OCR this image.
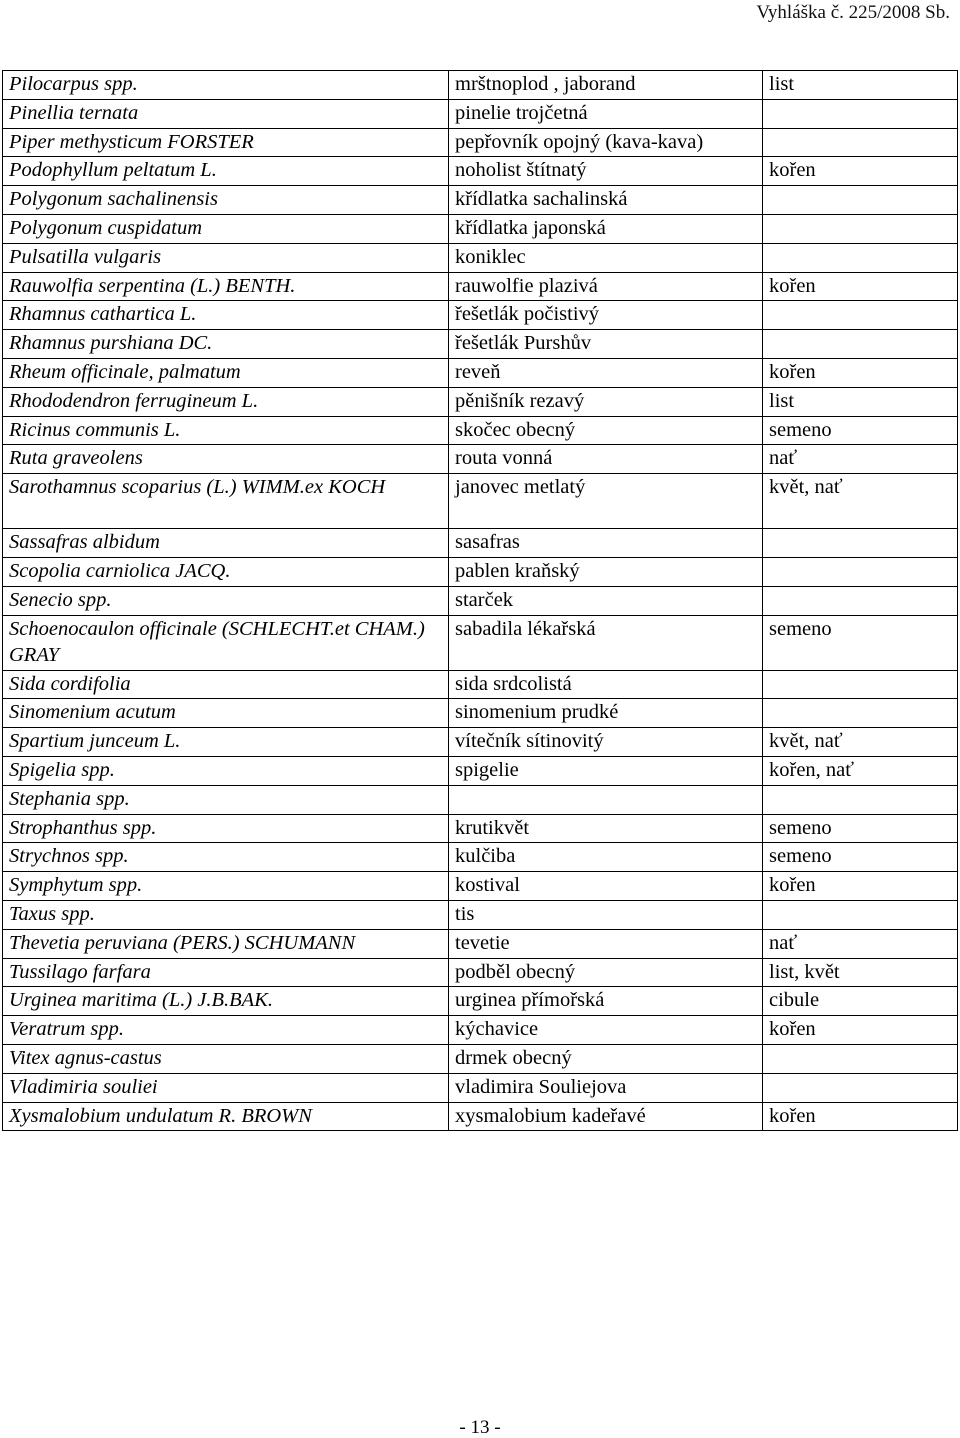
Vyhláška č. 225/2008 Sb.
Pilocarpus spp.	mrštnoplod , jaborand	list
Pinellia ternata	pinelie trojčetná	
Piper methysticum FORSTER	pepřovník opojný (kava-kava)	
Podophyllum peltatum L.	noholist štítnatý	kořen
Polygonum sachalinensis	křídlatka sachalinská	
Polygonum cuspidatum	křídlatka japonská	
Pulsatilla vulgaris	koniklec	
Rauwolfia serpentina (L.) BENTH.	rauwolfie plazivá	kořen
Rhamnus cathartica L.	řešetlák počistivý	
Rhamnus purshiana DC.	řešetlák Purshův	
Rheum officinale, palmatum	reveň	kořen
Rhododendron ferrugineum L.	pěnišník rezavý	list
Ricinus communis L.	skočec obecný	semeno
Ruta graveolens	routa vonná	nať
Sarothamnus scoparius (L.) WIMM.ex KOCH	janovec metlatý	květ, nať
Sassafras albidum	sasafras	
Scopolia carniolica JACQ.	pablen kraňský	
Senecio spp.	starček	
Schoenocaulon officinale (SCHLECHT.et CHAM.) GRAY	sabadila lékařská	semeno
Sida cordifolia	sida srdcolistá	
Sinomenium acutum	sinomenium prudké	
Spartium junceum L.	vítečník sítinovitý	květ, nať
Spigelia spp.	spigelie	kořen, nať
Stephania spp.		
Strophanthus spp.	krutikvět	semeno
Strychnos spp.	kulčiba	semeno
Symphytum spp.	kostival	kořen
Taxus spp.	tis	
Thevetia peruviana (PERS.) SCHUMANN	tevetie	nať
Tussilago farfara	podběl obecný	list, květ
Urginea maritima (L.) J.B.BAK.	urginea přímořská	cibule
Veratrum spp.	kýchavice	kořen
Vitex agnus-castus	drmek obecný	
Vladimiria souliei	vladimira Souliejova	
Xysmalobium undulatum R. BROWN	xysmalobium kadeřavé	kořen
- 13 -
